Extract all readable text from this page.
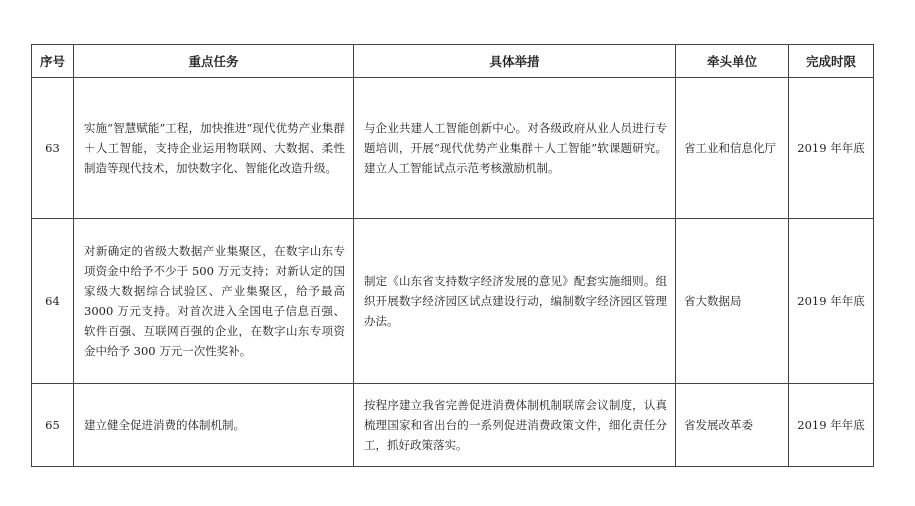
序号	重点任务	具体举措	牵头单位	完成时限
63	实施“智慧赋能”工程，加快推进“现代优势产业集群＋人工智能，支持企业运用物联网、大数据、柔性制造等现代技术，加快数字化、智能化改造升级。	与企业共建人工智能创新中心。对各级政府从业人员进行专题培训，开展“现代优势产业集群＋人工智能”软课题研究。建立人工智能试点示范考核激励机制。	省工业和信息化厅	2019 年年底
64	对新确定的省级大数据产业集聚区，在数字山东专项资金中给予不少于 500 万元支持；对新认定的国家级大数据综合试验区、产业集聚区，给予最高 3000 万元支持。对首次进入全国电子信息百强、软件百强、互联网百强的企业，在数字山东专项资金中给予 300 万元一次性奖补。	制定《山东省支持数字经济发展的意见》配套实施细则。组织开展数字经济园区试点建设行动，编制数字经济园区管理办法。	省大数据局	2019 年年底
65	建立健全促进消费的体制机制。	按程序建立我省完善促进消费体制机制联席会议制度，认真梳理国家和省出台的一系列促进消费政策文件，细化责任分工，抓好政策落实。	省发展改革委	2019 年年底
